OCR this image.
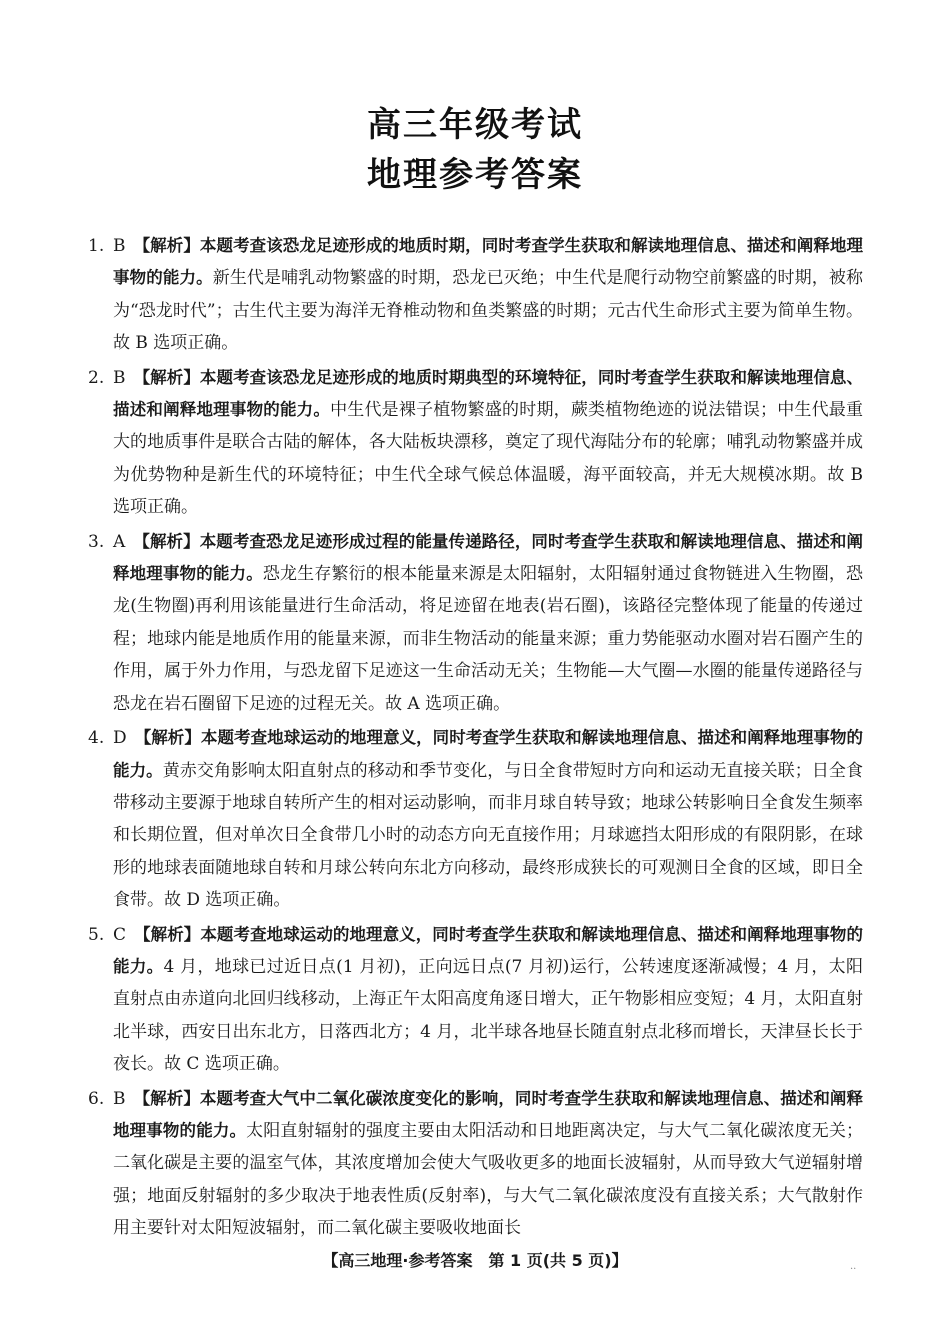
高三年级考试
地理参考答案
1. B 【解析】本题考查该恐龙足迹形成的地质时期，同时考查学生获取和解读地理信息、描述和阐释地理事物的能力。新生代是哺乳动物繁盛的时期，恐龙已灭绝；中生代是爬行动物空前繁盛的时期，被称为“恐龙时代”；古生代主要为海洋无脊椎动物和鱼类繁盛的时期；元古代生命形式主要为简单生物。故 B 选项正确。
2. B 【解析】本题考查该恐龙足迹形成的地质时期典型的环境特征，同时考查学生获取和解读地理信息、描述和阐释地理事物的能力。中生代是裸子植物繁盛的时期，蕨类植物绝迹的说法错误；中生代最重大的地质事件是联合古陆的解体，各大陆板块漂移，奠定了现代海陆分布的轮廓；哺乳动物繁盛并成为优势物种是新生代的环境特征；中生代全球气候总体温暖，海平面较高，并无大规模冰期。故 B 选项正确。
3. A 【解析】本题考查恐龙足迹形成过程的能量传递路径，同时考查学生获取和解读地理信息、描述和阐释地理事物的能力。恐龙生存繁衍的根本能量来源是太阳辐射，太阳辐射通过食物链进入生物圈，恐龙(生物圈)再利用该能量进行生命活动，将足迹留在地表(岩石圈)，该路径完整体现了能量的传递过程；地球内能是地质作用的能量来源，而非生物活动的能量来源；重力势能驱动水圈对岩石圈产生的作用，属于外力作用，与恐龙留下足迹这一生命活动无关；生物能—大气圈—水圈的能量传递路径与恐龙在岩石圈留下足迹的过程无关。故 A 选项正确。
4. D 【解析】本题考查地球运动的地理意义，同时考查学生获取和解读地理信息、描述和阐释地理事物的能力。黄赤交角影响太阳直射点的移动和季节变化，与日全食带短时方向和运动无直接关联；日全食带移动主要源于地球自转所产生的相对运动影响，而非月球自转导致；地球公转影响日全食发生频率和长期位置，但对单次日全食带几小时的动态方向无直接作用；月球遮挡太阳形成的有限阴影，在球形的地球表面随地球自转和月球公转向东北方向移动，最终形成狭长的可观测日全食的区域，即日全食带。故 D 选项正确。
5. C 【解析】本题考查地球运动的地理意义，同时考查学生获取和解读地理信息、描述和阐释地理事物的能力。4 月，地球已过近日点(1 月初)，正向远日点(7 月初)运行，公转速度逐渐减慢；4 月，太阳直射点由赤道向北回归线移动，上海正午太阳高度角逐日增大，正午物影相应变短；4 月，太阳直射北半球，西安日出东北方，日落西北方；4 月，北半球各地昼长随直射点北移而增长，天津昼长长于夜长。故 C 选项正确。
6. B 【解析】本题考查大气中二氧化碳浓度变化的影响，同时考查学生获取和解读地理信息、描述和阐释地理事物的能力。太阳直射辐射的强度主要由太阳活动和日地距离决定，与大气二氧化碳浓度无关；二氧化碳是主要的温室气体，其浓度增加会使大气吸收更多的地面长波辐射，从而导致大气逆辐射增强；地面反射辐射的多少取决于地表性质(反射率)，与大气二氧化碳浓度没有直接关系；大气散射作用主要针对太阳短波辐射，而二氧化碳主要吸收地面长
【高三地理·参考答案　第 1 页(共 5 页)】	..
